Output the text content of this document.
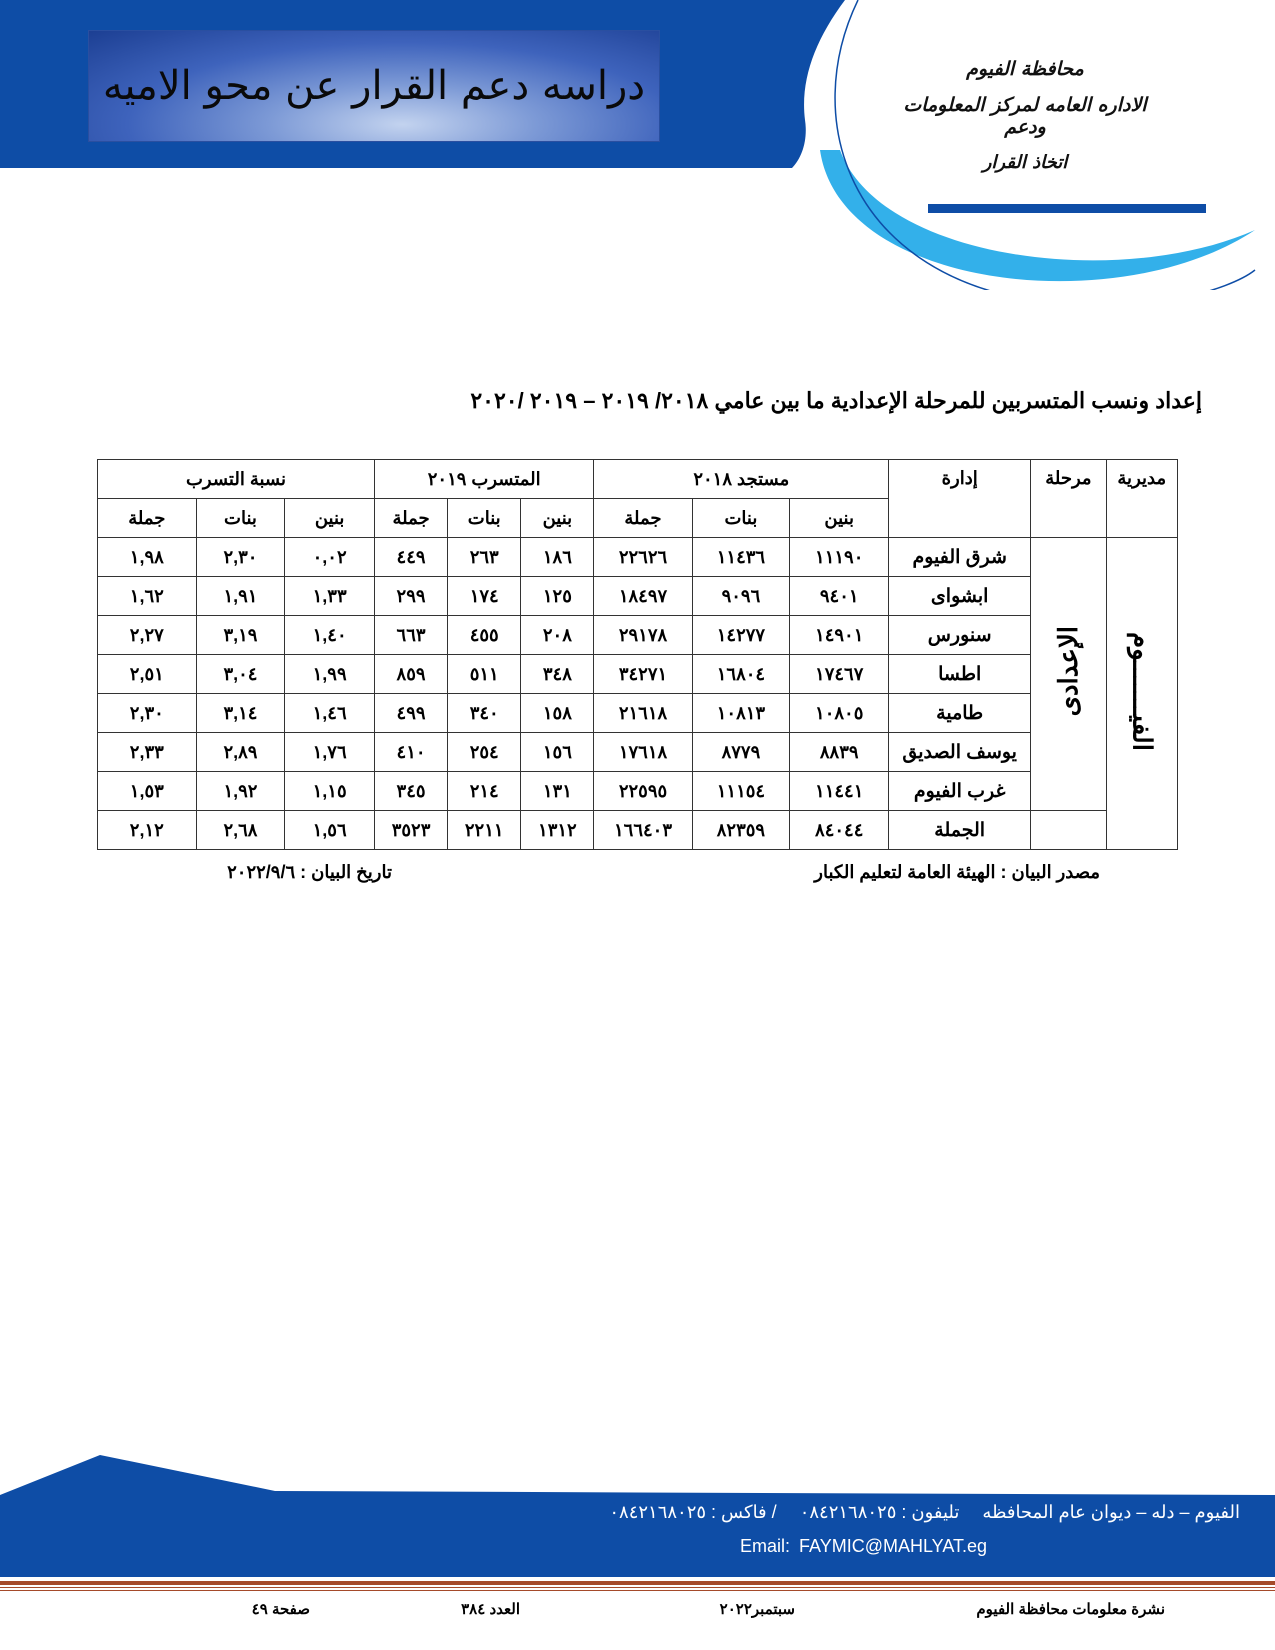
دراسه دعم القرار عن محو الاميه	محافظة الفيوم
الاداره العامه لمركز المعلومات ودعم
اتخاذ القرار
إعداد ونسب المتسربين للمرحلة الإعدادية ما بين عامي ٢٠١٨/ ٢٠١٩ – ٢٠١٩ /٢٠٢٠
مديرية	مرحلة	إدارة	مستجد ٢٠١٨			المتسرب ٢٠١٩			نسبة التسرب		
			بنين	بنات	جملة	بنين	بنات	جملة	بنين	بنات	جملة
الفيـــــــوم	الإعدادى	شرق الفيوم	١١١٩٠	١١٤٣٦	٢٢٦٢٦	١٨٦	٢٦٣	٤٤٩	٠,٠٢	٢,٣٠	١,٩٨
		ابشواى	٩٤٠١	٩٠٩٦	١٨٤٩٧	١٢٥	١٧٤	٢٩٩	١,٣٣	١,٩١	١,٦٢
		سنورس	١٤٩٠١	١٤٢٧٧	٢٩١٧٨	٢٠٨	٤٥٥	٦٦٣	١,٤٠	٣,١٩	٢,٢٧
		اطسا	١٧٤٦٧	١٦٨٠٤	٣٤٢٧١	٣٤٨	٥١١	٨٥٩	١,٩٩	٣,٠٤	٢,٥١
		طامية	١٠٨٠٥	١٠٨١٣	٢١٦١٨	١٥٨	٣٤٠	٤٩٩	١,٤٦	٣,١٤	٢,٣٠
		يوسف الصديق	٨٨٣٩	٨٧٧٩	١٧٦١٨	١٥٦	٢٥٤	٤١٠	١,٧٦	٢,٨٩	٢,٣٣
		غرب الفيوم	١١٤٤١	١١١٥٤	٢٢٥٩٥	١٣١	٢١٤	٣٤٥	١,١٥	١,٩٢	١,٥٣
		الجملة	٨٤٠٤٤	٨٢٣٥٩	١٦٦٤٠٣	١٣١٢	٢٢١١	٣٥٢٣	١,٥٦	٢,٦٨	٢,١٢
مصدر البيان : الهيئة العامة لتعليم الكبار
تاريخ البيان : ٢٠٢٢/٩/٦
الفيوم – دله – ديوان عام المحافظه تليفون : ٠٨٤٢١٦٨٠٢٥ / فاكس : ٠٨٤٢١٦٨٠٢٥
Email: FAYMIC@MAHLYAT.eg
نشرة معلومات محافظة الفيوم
سبتمبر٢٠٢٢
العدد ٣٨٤
صفحة ٤٩
